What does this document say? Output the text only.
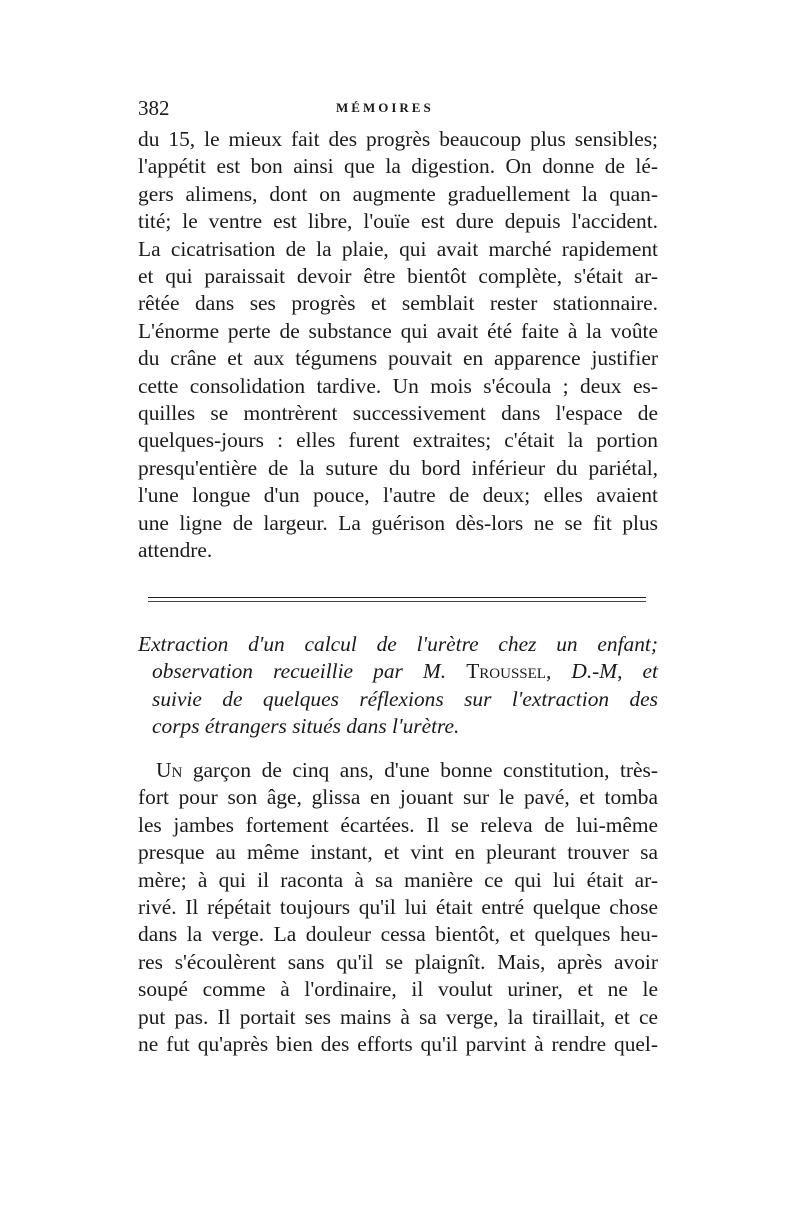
382	MÉMOIRES
du 15, le mieux fait des progrès beaucoup plus sensibles;
l'appétit est bon ainsi que la digestion. On donne de lé-
gers alimens, dont on augmente graduellement la quan-
tité; le ventre est libre, l'ouïe est dure depuis l'accident.
La cicatrisation de la plaie, qui avait marché rapidement
et qui paraissait devoir être bientôt complète, s'était ar-
rêtée dans ses progrès et semblait rester stationnaire.
L'énorme perte de substance qui avait été faite à la voûte
du crâne et aux tégumens pouvait en apparence justifier
cette consolidation tardive. Un mois s'écoula ; deux es-
quilles se montrèrent successivement dans l'espace de
quelques-jours : elles furent extraites; c'était la portion
presqu'entière de la suture du bord inférieur du pariétal,
l'une longue d'un pouce, l'autre de deux; elles avaient
une ligne de largeur. La guérison dès-lors ne se fit plus
attendre.
Extraction d'un calcul de l'urètre chez un enfant;
observation recueillie par M. Troussel, D.-M, et
suivie de quelques réflexions sur l'extraction des
corps étrangers situés dans l'urètre.
Un garçon de cinq ans, d'une bonne constitution, très-
fort pour son âge, glissa en jouant sur le pavé, et tomba
les jambes fortement écartées. Il se releva de lui-même
presque au même instant, et vint en pleurant trouver sa
mère; à qui il raconta à sa manière ce qui lui était ar-
rivé. Il répétait toujours qu'il lui était entré quelque chose
dans la verge. La douleur cessa bientôt, et quelques heu-
res s'écoulèrent sans qu'il se plaignît. Mais, après avoir
soupé comme à l'ordinaire, il voulut uriner, et ne le
put pas. Il portait ses mains à sa verge, la tiraillait, et ce
ne fut qu'après bien des efforts qu'il parvint à rendre quel-
